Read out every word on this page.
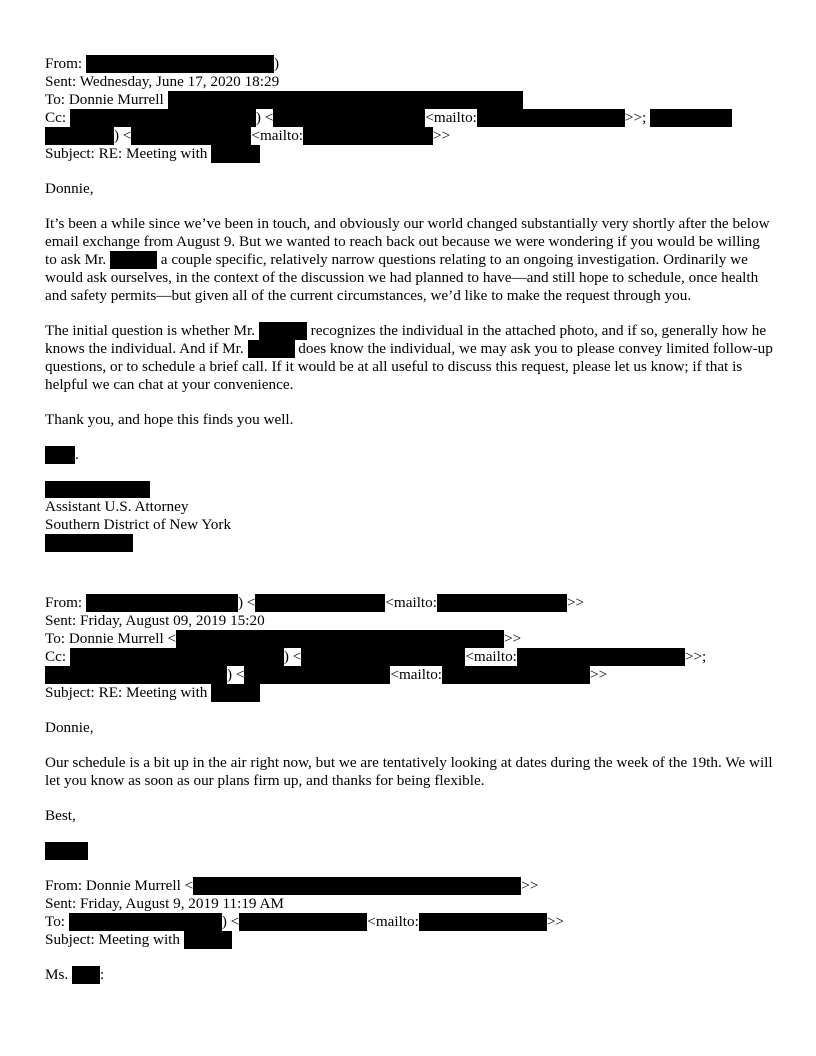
From:	)
Sent: Wednesday, June 17, 2020 18:29
To: Donnie Murrell
Cc:	) <	<mailto:	>>;
) <	<mailto:	>>
Subject: RE: Meeting with
Donnie,
It’s been a while since we’ve been in touch, and obviously our world changed substantially very shortly after the below email exchange from August 9. But we wanted to reach back out because we were wondering if you would be willing to ask Mr.	a couple specific, relatively narrow questions relating to an ongoing investigation. Ordinarily we would ask ourselves, in the context of the discussion we had planned to have—and still hope to schedule, once health and safety permits—but given all of the current circumstances, we’d like to make the request through you.
The initial question is whether Mr.	recognizes the individual in the attached photo, and if so, generally how he knows the individual. And if Mr.	does know the individual, we may ask you to please convey limited follow-up questions, or to schedule a brief call. If it would be at all useful to discuss this request, please let us know; if that is helpful we can chat at your convenience.
Thank you, and hope this finds you well.
.
Assistant U.S. Attorney
Southern District of New York
From:	) <	<mailto:	>>
Sent: Friday, August 09, 2019 15:20
To: Donnie Murrell <	>>
Cc:	) <	<mailto:	>>;
) <	<mailto:	>>
Subject: RE: Meeting with
Donnie,
Our schedule is a bit up in the air right now, but we are tentatively looking at dates during the week of the 19th. We will let you know as soon as our plans firm up, and thanks for being flexible.
Best,
From: Donnie Murrell <	>>
Sent: Friday, August 9, 2019 11:19 AM
To:	) <	<mailto:	>>
Subject: Meeting with
Ms. :
